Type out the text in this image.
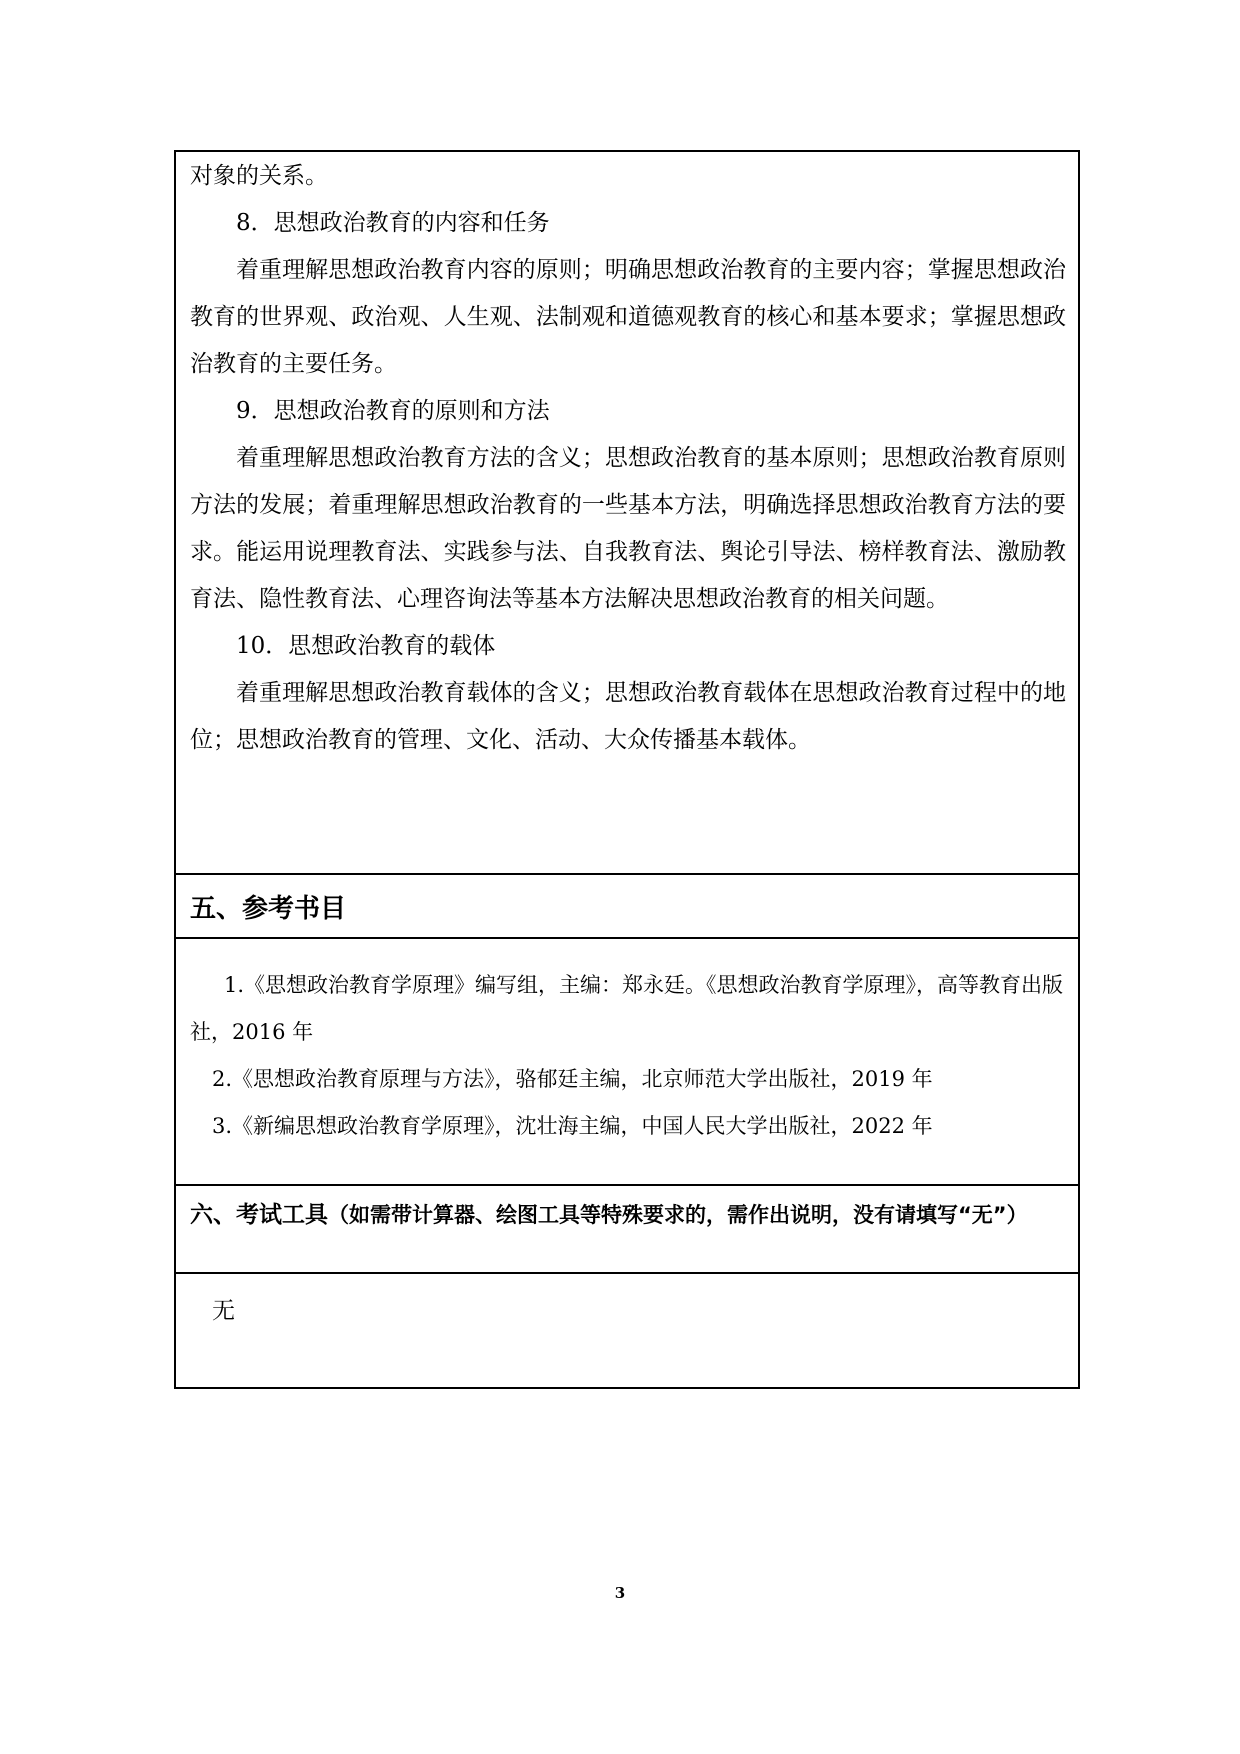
对象的关系。

8．思想政治教育的内容和任务

着重理解思想政治教育内容的原则；明确思想政治教育的主要内容；掌握思想政治教育的世界观、政治观、人生观、法制观和道德观教育的核心和基本要求；掌握思想政治教育的主要任务。

9．思想政治教育的原则和方法

着重理解思想政治教育方法的含义；思想政治教育的基本原则；思想政治教育原则方法的发展；着重理解思想政治教育的一些基本方法，明确选择思想政治教育方法的要求。能运用说理教育法、实践参与法、自我教育法、舆论引导法、榜样教育法、激励教育法、隐性教育法、心理咨询法等基本方法解决思想政治教育的相关问题。

10．思想政治教育的载体

着重理解思想政治教育载体的含义；思想政治教育载体在思想政治教育过程中的地位；思想政治教育的管理、文化、活动、大众传播基本载体。

五、参考书目

1.《思想政治教育学原理》编写组，主编：郑永廷。《思想政治教育学原理》，高等教育出版社，2016 年

2.《思想政治教育原理与方法》，骆郁廷主编，北京师范大学出版社，2019 年

3.《新编思想政治教育学原理》，沈壮海主编，中国人民大学出版社，2022 年

六、考试工具（如需带计算器、绘图工具等特殊要求的，需作出说明，没有请填写“无”）
无
3
